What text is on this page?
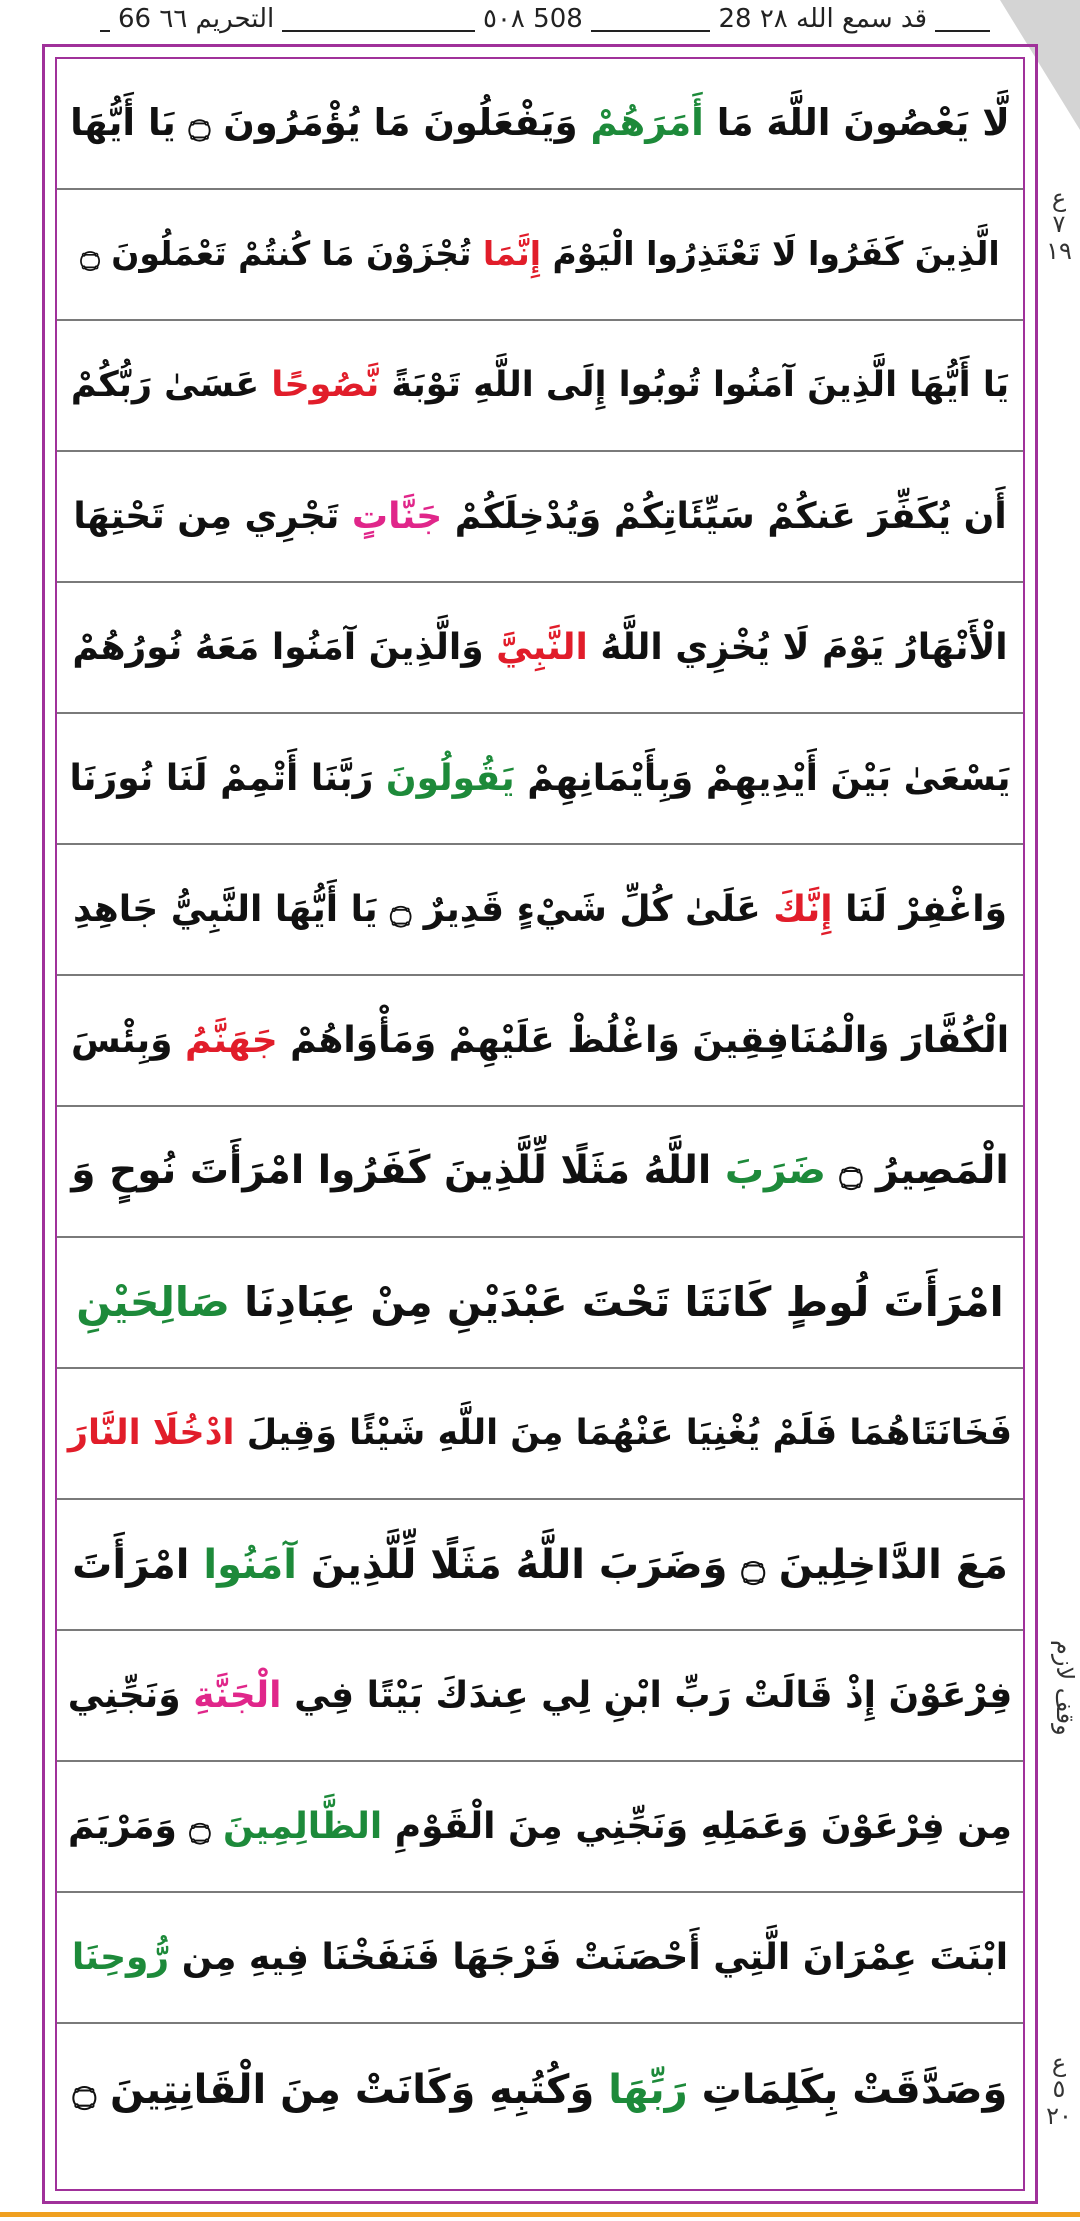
66 التحريم ٦٦	٥٠٨ 508	قد سمع الله ٢٨ 28
لَّا يَعْصُونَ اللَّهَ مَا أَمَرَهُمْ وَيَفْعَلُونَ مَا يُؤْمَرُونَ ۝ يَا أَيُّهَا
الَّذِينَ كَفَرُوا لَا تَعْتَذِرُوا الْيَوْمَ إِنَّمَا تُجْزَوْنَ مَا كُنتُمْ تَعْمَلُونَ ۝
يَا أَيُّهَا الَّذِينَ آمَنُوا تُوبُوا إِلَى اللَّهِ تَوْبَةً نَّصُوحًا عَسَىٰ رَبُّكُمْ
أَن يُكَفِّرَ عَنكُمْ سَيِّئَاتِكُمْ وَيُدْخِلَكُمْ جَنَّاتٍ تَجْرِي مِن تَحْتِهَا
الْأَنْهَارُ يَوْمَ لَا يُخْزِي اللَّهُ النَّبِيَّ وَالَّذِينَ آمَنُوا مَعَهُ نُورُهُمْ
يَسْعَىٰ بَيْنَ أَيْدِيهِمْ وَبِأَيْمَانِهِمْ يَقُولُونَ رَبَّنَا أَتْمِمْ لَنَا نُورَنَا
وَاغْفِرْ لَنَا إِنَّكَ عَلَىٰ كُلِّ شَيْءٍ قَدِيرٌ ۝ يَا أَيُّهَا النَّبِيُّ جَاهِدِ
الْكُفَّارَ وَالْمُنَافِقِينَ وَاغْلُظْ عَلَيْهِمْ وَمَأْوَاهُمْ جَهَنَّمُ وَبِئْسَ
الْمَصِيرُ ۝ ضَرَبَ اللَّهُ مَثَلًا لِّلَّذِينَ كَفَرُوا امْرَأَتَ نُوحٍ وَ
امْرَأَتَ لُوطٍ كَانَتَا تَحْتَ عَبْدَيْنِ مِنْ عِبَادِنَا صَالِحَيْنِ
فَخَانَتَاهُمَا فَلَمْ يُغْنِيَا عَنْهُمَا مِنَ اللَّهِ شَيْئًا وَقِيلَ ادْخُلَا النَّارَ
مَعَ الدَّاخِلِينَ ۝ وَضَرَبَ اللَّهُ مَثَلًا لِّلَّذِينَ آمَنُوا امْرَأَتَ
فِرْعَوْنَ إِذْ قَالَتْ رَبِّ ابْنِ لِي عِندَكَ بَيْتًا فِي الْجَنَّةِ وَنَجِّنِي
مِن فِرْعَوْنَ وَعَمَلِهِ وَنَجِّنِي مِنَ الْقَوْمِ الظَّالِمِينَ ۝ وَمَرْيَمَ
ابْنَتَ عِمْرَانَ الَّتِي أَحْصَنَتْ فَرْجَهَا فَنَفَخْنَا فِيهِ مِن رُّوحِنَا
وَصَدَّقَتْ بِكَلِمَاتِ رَبِّهَا وَكُتُبِهِ وَكَانَتْ مِنَ الْقَانِتِينَ ۝
ع ٧ ١٩
وقف لازم
ع ٥ ٢٠
